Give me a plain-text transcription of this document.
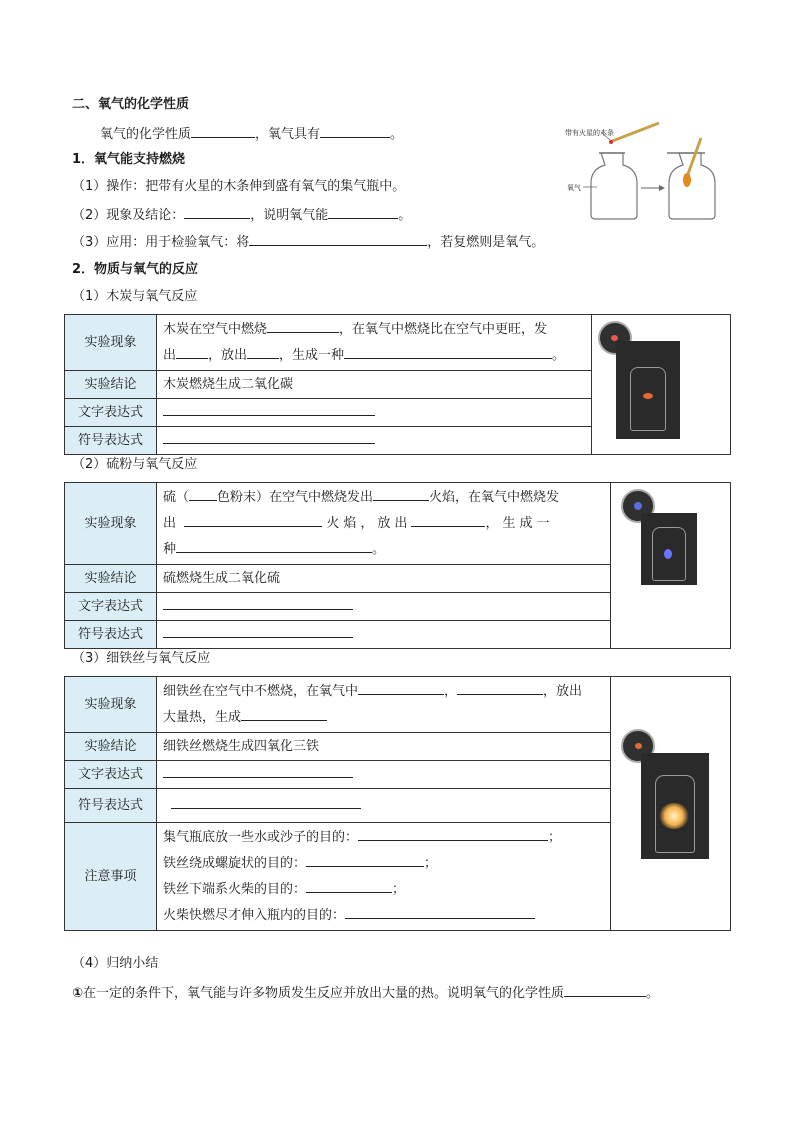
二、氧气的化学性质
氧气的化学性质	，氧气具有	。
1．氧气能支持燃烧
（1）操作：把带有火星的木条伸到盛有氧气的集气瓶中。
（2）现象及结论：	，说明氧气能	。
（3）应用：用于检验氧气：将	，若复燃则是氧气。
带有火星的木条
氧气
2．物质与氧气的反应
（1）木炭与氧气反应
实验现象	木炭在空气中燃烧 ，在氧气中燃烧比在空气中更旺，发
出 ，放出 ，生成一种 。	

实验结论	木炭燃烧生成二氧化碳	
文字表达式		
符号表达式		
（2）硫粉与氧气反应
实验现象	硫（ 色粉末）在空气中燃烧发出 火焰，在氧气中燃烧发
出 火焰，放出 ，生成一
种 。	

实验结论	硫燃烧生成二氧化硫	
文字表达式		
符号表达式		
（3）细铁丝与氧气反应
实验现象	细铁丝在空气中不燃烧，在氧气中 ， ，放出
大量热，生成	

实验结论	细铁丝燃烧生成四氧化三铁	
文字表达式		
符号表达式		
注意事项	集气瓶底放一些水或沙子的目的： ；
铁丝绕成螺旋状的目的： ；
铁丝下端系火柴的目的： ；
火柴快燃尽才伸入瓶内的目的：	
（4）归纳小结
①在一定的条件下，氧气能与许多物质发生反应并放出大量的热。说明氧气的化学性质	。
